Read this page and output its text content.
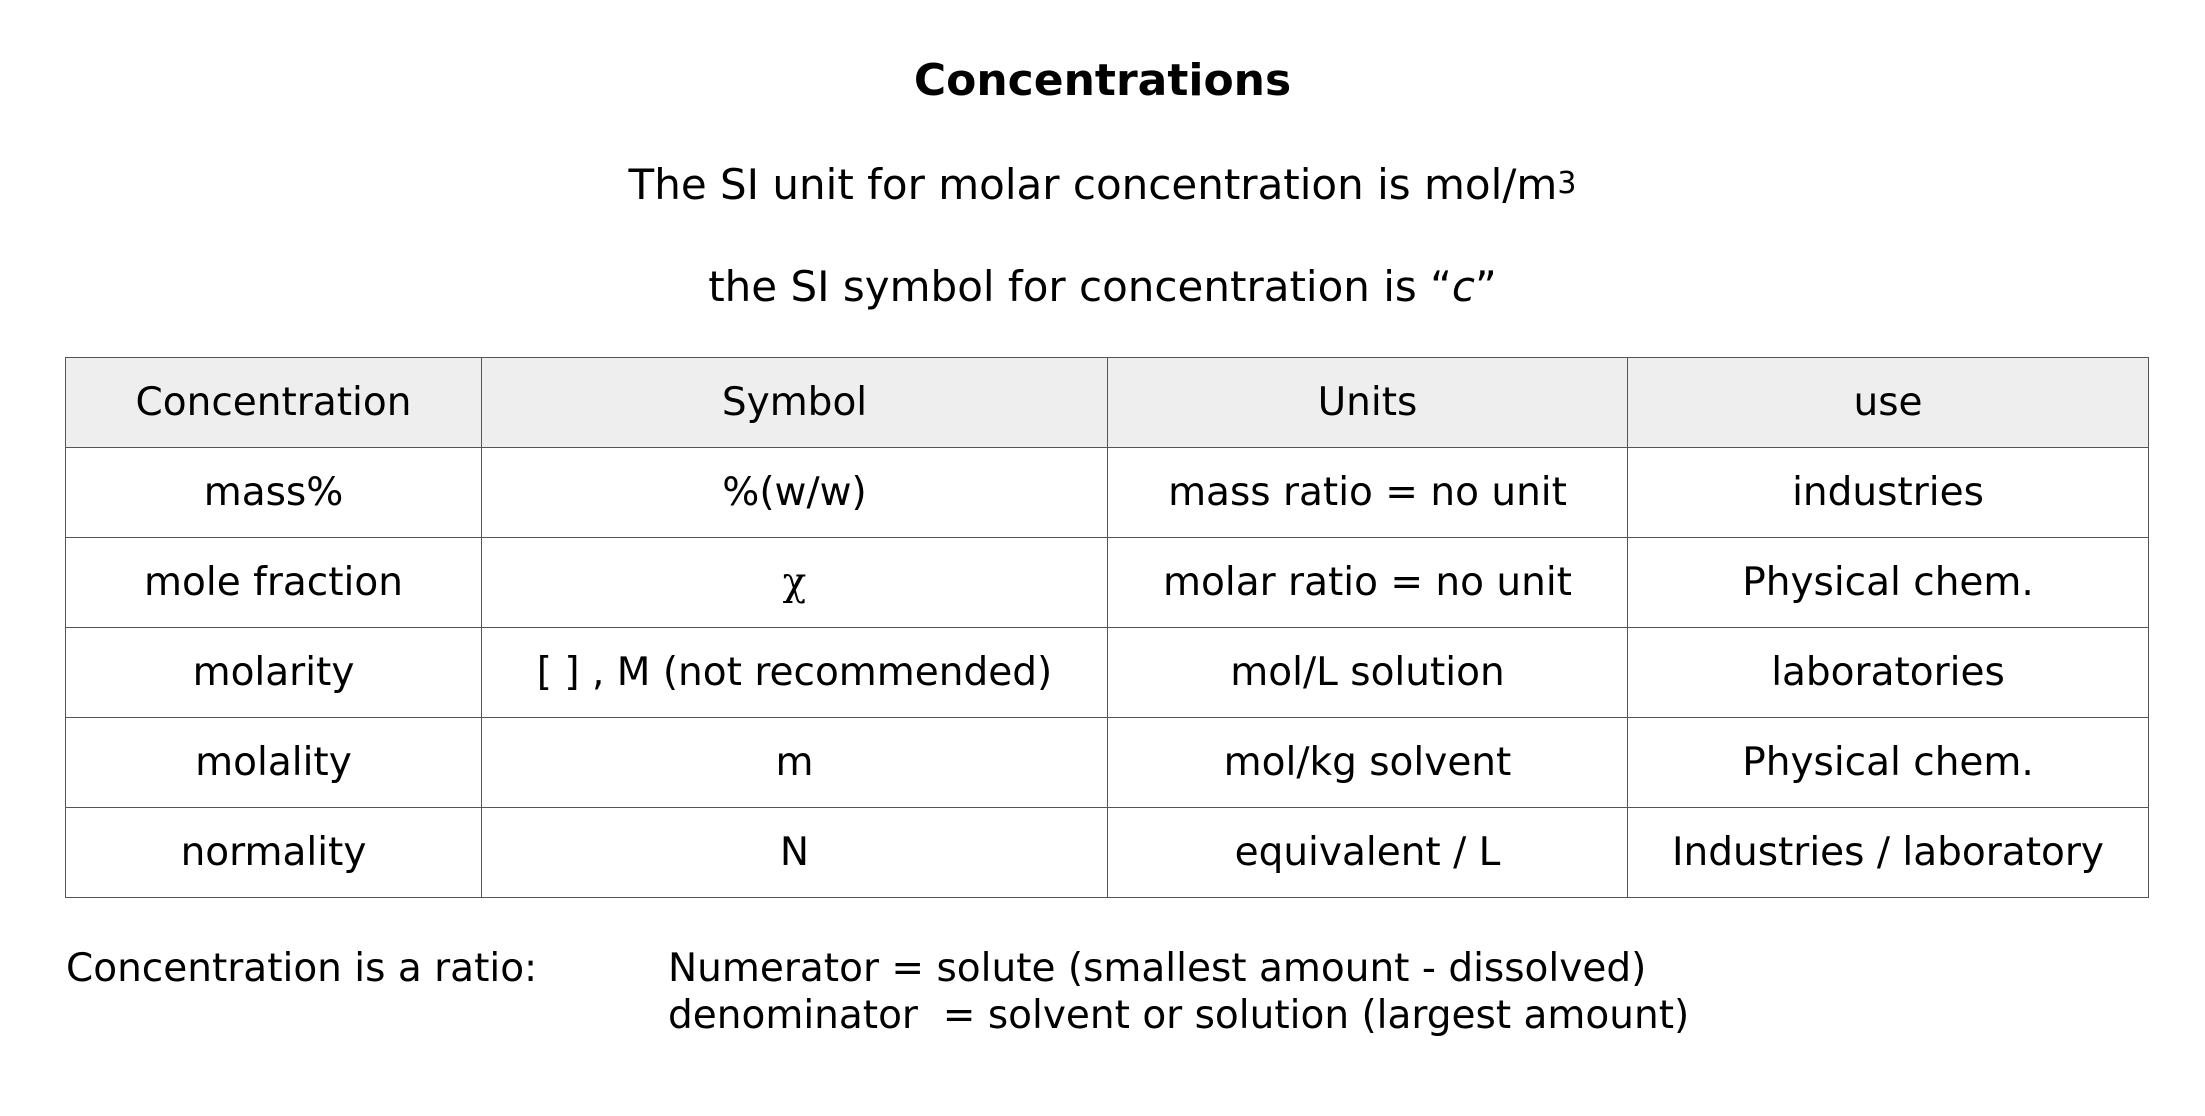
Concentrations
The SI unit for molar concentration is mol/$m^3$
the SI symbol for concentration is “c”
Concentration	Symbol	Units	use
mass%	%(w/w)	mass ratio = no unit	industries
mole fraction	χ	molar ratio = no unit	Physical chem.
molarity	[ ] , M (not recommended)	mol/L solution	laboratories
molality	m	mol/kg solvent	Physical chem.
normality	N	equivalent / L	Industries / laboratory
Concentration is a ratio:	Numerator = solute (smallest amount - dissolved)
denominator  = solvent or solution (largest amount)
